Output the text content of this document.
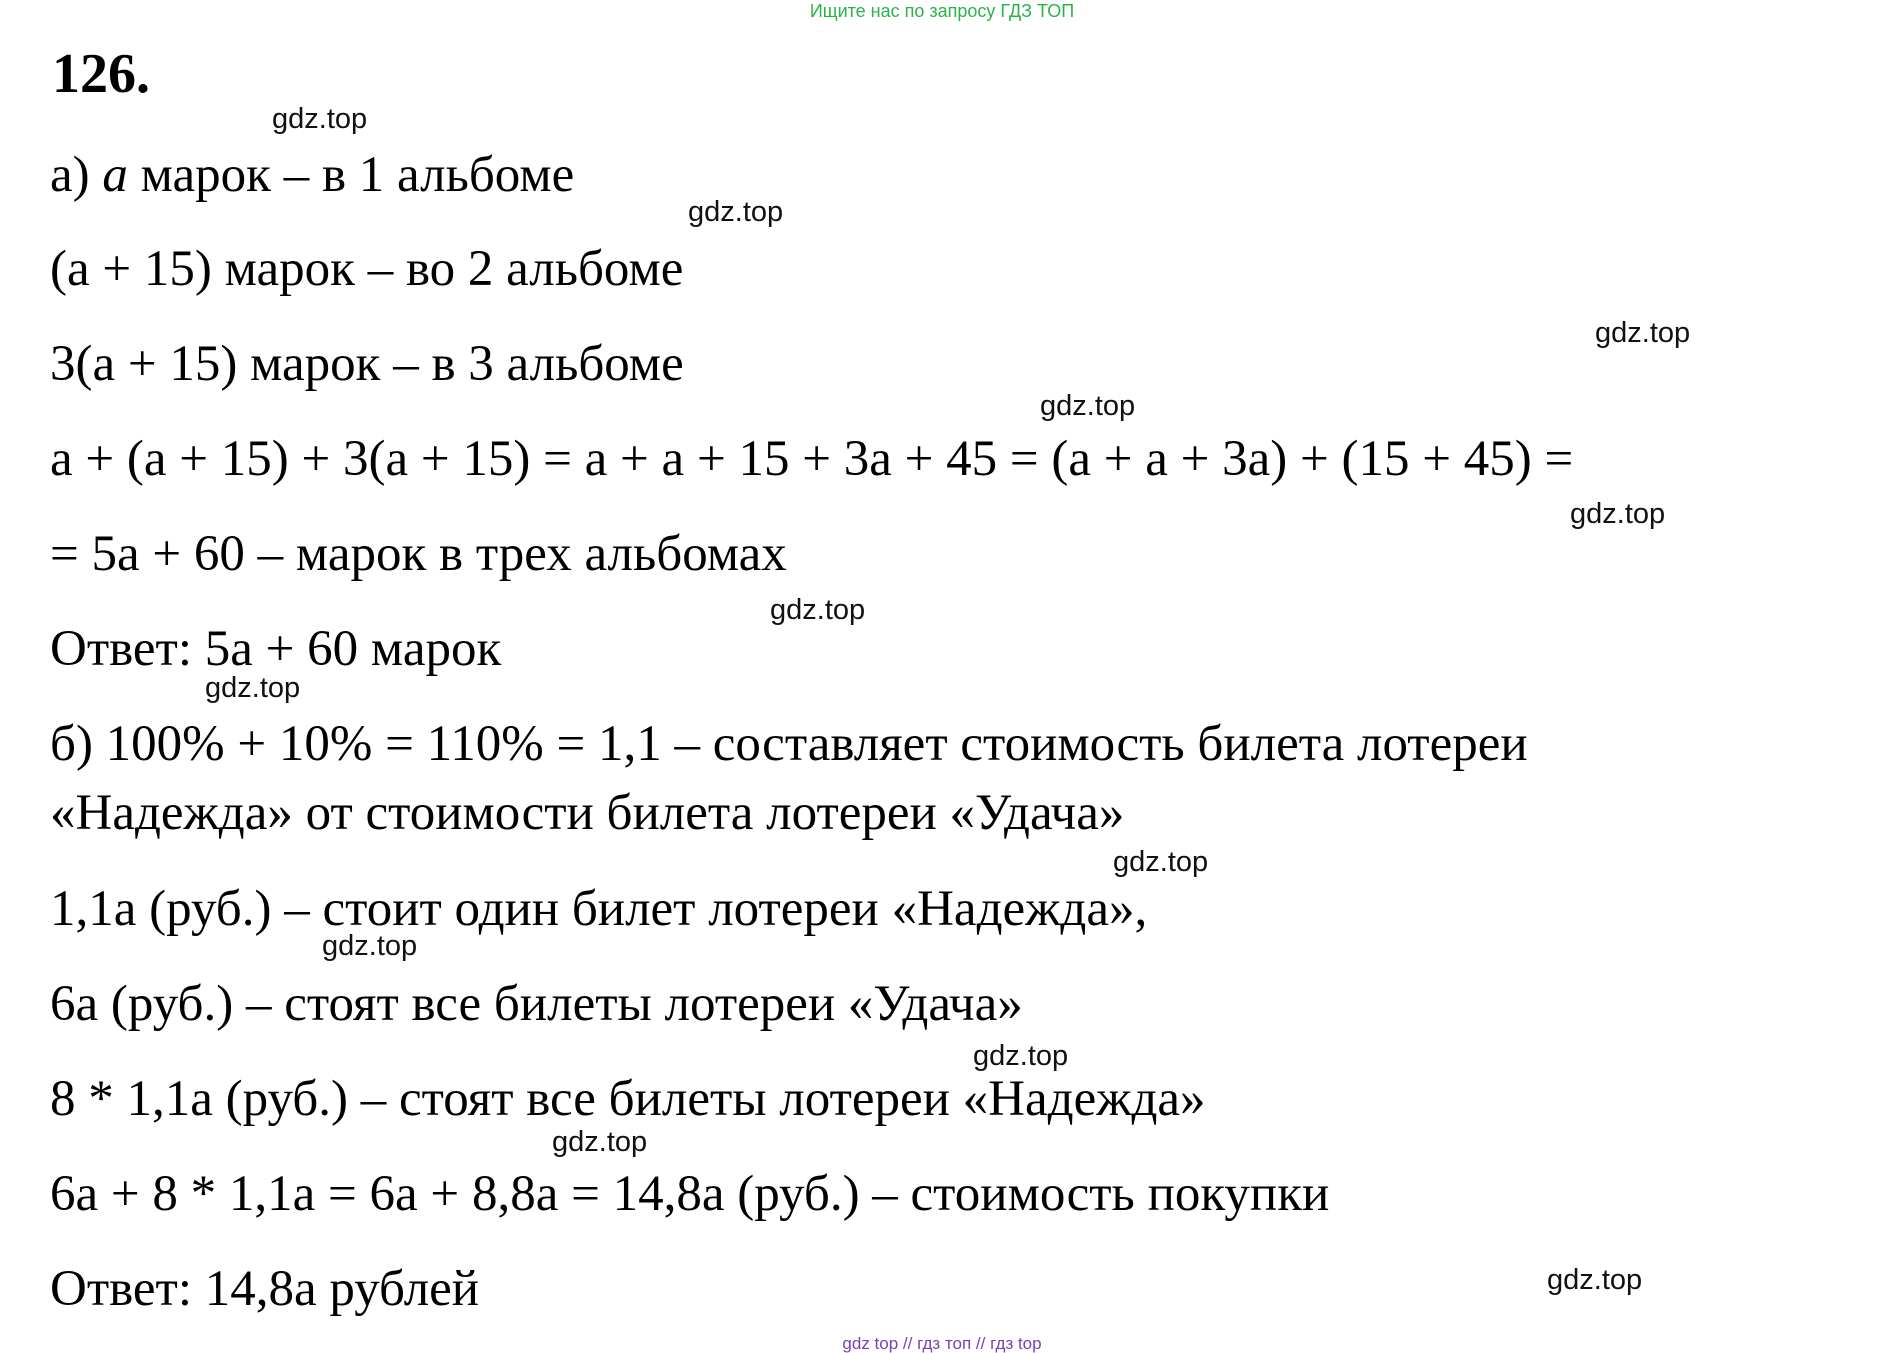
Ищите нас по запросу ГДЗ ТОП
126.
а) a марок – в 1 альбоме
(a + 15) марок – во 2 альбоме
3(a + 15) марок – в 3 альбоме
a + (a + 15) + 3(a + 15) = a + a + 15 + 3a + 45 = (a + a + 3a) + (15 + 45) =
= 5a + 60 – марок в трех альбомах
Ответ: 5a + 60 марок
б) 100% + 10% = 110% = 1,1 – составляет стоимость билета лотереи
«Надежда» от стоимости билета лотереи «Удача»
1,1a (руб.) – стоит один билет лотереи «Надежда»,
6a (руб.) – стоят все билеты лотереи «Удача»
8 * 1,1a (руб.) – стоят все билеты лотереи «Надежда»
6a + 8 * 1,1a = 6a + 8,8a = 14,8a (руб.) – стоимость покупки
Ответ: 14,8a рублей
gdz.top
gdz.top
gdz.top
gdz.top
gdz.top
gdz.top
gdz.top
gdz.top
gdz.top
gdz.top
gdz.top
gdz.top
gdz top // гдз топ // гдз top
